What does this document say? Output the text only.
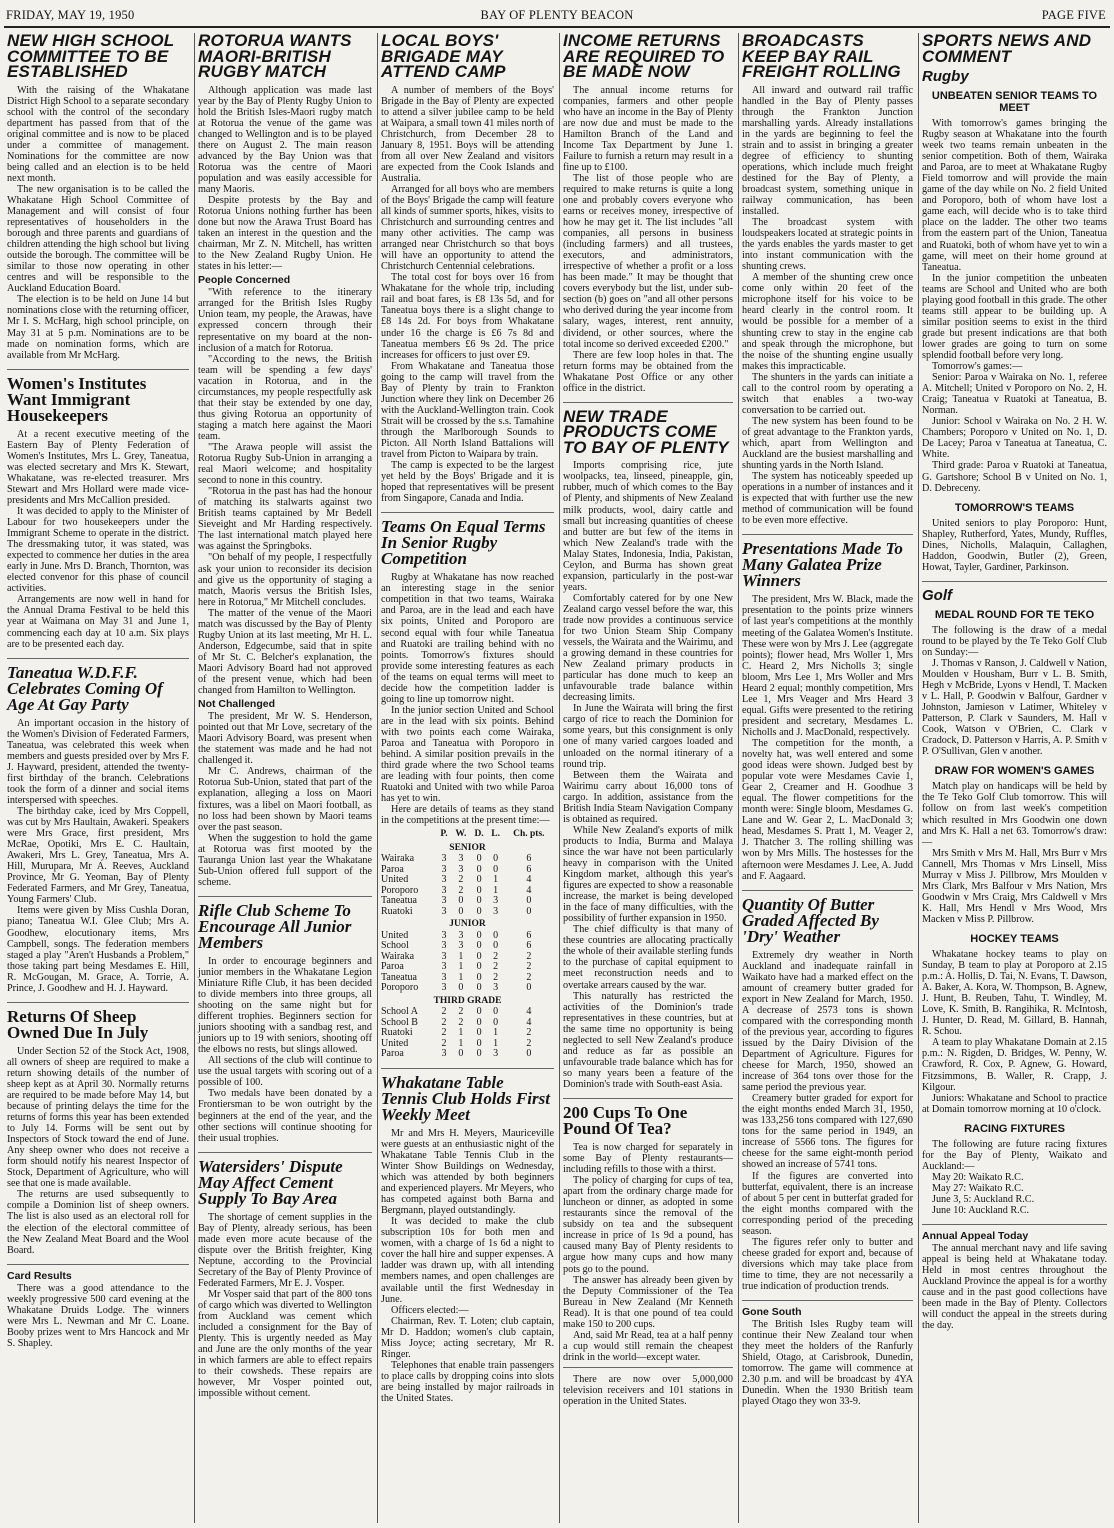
BAY OF PLENTY BEACON
FRIDAY, MAY 19, 1950	PAGE FIVE
NEW HIGH SCHOOL COMMITTEE TO BE ESTABLISHED

With the raising of the Whakatane District High School to a separate secondary school with the control of the secondary department has passed from that of the original committee and is now to be placed under a committee of management. Nominations for the committee are now being called and an election is to be held next month.

The new organisation is to be called the Whakatane High School Committee of Management and will consist of four representatives of householders in the borough and three parents and guardians of children attending the high school but living outside the borough. The committee will be similar to those now operating in other centres and will be responsible to the Auckland Education Board.

The election is to be held on June 14 but nominations close with the returning officer, Mr I. S. McHarg, high school principle, on May 31 at 5 p.m. Nominations are to be made on nomination forms, which are available from Mr McHarg.

Women's Institutes Want Immigrant Housekeepers

At a recent executive meeting of the Eastern Bay of Plenty Federation of Women's Institutes, Mrs L. Grey, Taneatua, was elected secretary and Mrs K. Stewart, Whakatane, was re-elected treasurer. Mrs Stewart and Mrs Hollard were made vice-presidents and Mrs McCallion presided.

It was decided to apply to the Minister of Labour for two housekeepers under the Immigrant Scheme to operate in the district. The dressmaking tutor, it was stated, was expected to commence her duties in the area early in June. Mrs D. Branch, Thornton, was elected convenor for this phase of council activities.

Arrangements are now well in hand for the Annual Drama Festival to be held this year at Waimana on May 31 and June 1, commencing each day at 10 a.m. Six plays are to be presented each day.

Taneatua W.D.F.F. Celebrates Coming Of Age At Gay Party

An important occasion in the history of the Women's Division of Federated Farmers, Taneatua, was celebrated this week when members and guests presided over by Mrs F. J. Hayward, president, attended the twenty-first birthday of the branch. Celebrations took the form of a dinner and social items interspersed with speeches.

The birthday cake, iced by Mrs Coppell, was cut by Mrs Haultain, Awakeri. Speakers were Mrs Grace, first president, Mrs McRae, Opotiki, Mrs E. C. Haultain, Awakeri, Mrs L. Grey, Taneatua, Mrs A. Hill, Murupara, Mr A. Reeves, Auckland Province, Mr G. Yeoman, Bay of Plenty Federated Farmers, and Mr Grey, Taneatua, Young Farmers' Club.

Items were given by Miss Cushla Doran, piano; Taneatua W.I. Glee Club; Mrs A. Goodhew, elocutionary items, Mrs Campbell, songs. The federation members staged a play "Aren't Husbands a Problem," those taking part being Mesdames E. Hill, R. McGougan, M. Grace, A. Torrie, A. Prince, J. Goodhew and H. J. Hayward.

Returns Of Sheep Owned Due In July

Under Section 52 of the Stock Act, 1908, all owners of sheep are required to make a return showing details of the number of sheep kept as at April 30. Normally returns are required to be made before May 14, but because of printing delays the time for the returns of forms this year has been extended to July 14. Forms will be sent out by Inspectors of Stock toward the end of June. Any sheep owner who does not receive a form should notify his nearest Inspector of Stock, Department of Agriculture, who will see that one is made available.

The returns are used subsequently to compile a Dominion list of sheep owners. The list is also used as an electoral roll for the election of the electoral committee of the New Zealand Meat Board and the Wool Board.

Card Results

There was a good attendance to the weekly progressive 500 card evening at the Whakatane Druids Lodge. The winners were Mrs L. Newman and Mr C. Loane. Booby prizes went to Mrs Hancock and Mr S. Shapley.

ROTORUA WANTS MAORI-BRITISH RUGBY MATCH

Although application was made last year by the Bay of Plenty Rugby Union to hold the British Isles-Maori rugby match at Rotorua the venue of the game was changed to Wellington and is to be played there on August 2. The main reason advanced by the Bay Union was that Rotorua was the centre of Maori population and was easily accessible for many Maoris.

Despite protests by the Bay and Rotorua Unions nothing further has been done but now the Arawa Trust Board has taken an interest in the question and the chairman, Mr Z. N. Mitchell, has written to the New Zealand Rugby Union. He states in his letter:—

People Concerned

"With reference to the itinerary arranged for the British Isles Rugby Union team, my people, the Arawas, have expressed concern through their representative on my board at the non-inclusion of a match for Rotorua.

"According to the news, the British team will be spending a few days' vacation in Rotorua, and in the circumstances, my people respectfully ask that their stay be extended by one day, thus giving Rotorua an opportunity of staging a match here against the Maori team.

"The Arawa people will assist the Rotorua Rugby Sub-Union in arranging a real Maori welcome; and hospitality second to none in this country.

"Rotorua in the past has had the honour of matching its stalwarts against two British teams captained by Mr Bedell Sieveight and Mr Harding respectively. The last international match played here was against the Springboks.

"On behalf of my people, I respectfully ask your union to reconsider its decision and give us the opportunity of staging a match, Maoris versus the British Isles, here in Rotorua," Mr Mitchell concludes.

The matter of the venue of the Maori match was discussed by the Bay of Plenty Rugby Union at its last meeting, Mr H. L. Anderson, Edgecumbe, said that in spite of Mr St. C. Belcher's explanation, the Maori Advisory Board had not approved of the present venue, which had been changed from Hamilton to Wellington.

Not Challenged

The president, Mr W. S. Henderson, pointed out that Mr Love, secretary of the Maori Advisory Board, was present when the statement was made and he had not challenged it.

Mr C. Andrews, chairman of the Rotorua Sub-Union, stated that part of the explanation, alleging a loss on Maori fixtures, was a libel on Maori football, as no loss had been shown by Maori teams over the past season.

When the suggestion to hold the game at Rotorua was first mooted by the Tauranga Union last year the Whakatane Sub-Union offered full support of the scheme.

Rifle Club Scheme To Encourage All Junior Members

In order to encourage beginners and junior members in the Whakatane Legion Miniature Rifle Club, it has been decided to divide members into three groups, all shooting on the same night but for different trophies. Beginners section for juniors shooting with a sandbag rest, and juniors up to 19 with seniors, shooting off the elbows no rests, but slings allowed.

All sections of the club will continue to use the usual targets with scoring out of a possible of 100.

Two medals have been donated by a Frontiersman to be won outright by the beginners at the end of the year, and the other sections will continue shooting for their usual trophies.

Watersiders' Dispute May Affect Cement Supply To Bay Area

The shortage of cement supplies in the Bay of Plenty, already serious, has been made even more acute because of the dispute over the British freighter, King Neptune, according to the Provincial Secretary of the Bay of Plenty Province of Federated Farmers, Mr E. J. Vosper.

Mr Vosper said that part of the 800 tons of cargo which was diverted to Wellington from Auckland was cement which included a consignment for the Bay of Plenty. This is urgently needed as May and June are the only months of the year in which farmers are able to effect repairs to their cowsheds. These repairs are however, Mr Vosper pointed out, impossible without cement.

LOCAL BOYS' BRIGADE MAY ATTEND CAMP

A number of members of the Boys' Brigade in the Bay of Plenty are expected to attend a silver jubilee camp to be held at Waipara, a small town 41 miles north of Christchurch, from December 28 to January 8, 1951. Boys will be attending from all over New Zealand and visitors are expected from the Cook Islands and Australia.

Arranged for all boys who are members of the Boys' Brigade the camp will feature all kinds of summer sports, hikes, visits to Christchurch and surrounding centres and many other activities. The camp was arranged near Christchurch so that boys will have an opportunity to attend the Christchurch Centennial celebrations.

The total cost for boys over 16 from Whakatane for the whole trip, including rail and boat fares, is £8 13s 5d, and for Taneatua boys there is a slight change to £8 14s 2d. For boys from Whakatane under 16 the charge is £6 7s 8d and Taneatua members £6 9s 2d. The price increases for officers to just over £9.

From Whakatane and Taneatua those going to the camp will travel from the Bay of Plenty by train to Frankton Junction where they link on December 26 with the Auckland-Wellington train. Cook Strait will be crossed by the s.s. Tamahine through the Marlborough Sounds to Picton. All North Island Battalions will travel from Picton to Waipara by train.

The camp is expected to be the largest yet held by the Boys' Brigade and it is hoped that representatives will be present from Singapore, Canada and India.

Teams On Equal Terms In Senior Rugby Competition

Rugby at Whakatane has now reached an interesting stage in the senior competition in that two teams, Wairaka and Paroa, are in the lead and each have six points, United and Poroporo are second equal with four while Taneatua and Ruatoki are trailing behind with no points. Tomorrow's fixtures should provide some interesting features as each of the teams on equal terms will meet to decide how the competition ladder is going to line up tomorrow night.

In the junior section United and School are in the lead with six points. Behind with two points each come Wairaka, Paroa and Taneatua with Poroporo in behind. A similar position prevails in the third grade where the two School teams are leading with four points, then come Ruatoki and United with two while Paroa has yet to win.

Here are details of teams as they stand in the competitions at the present time:—

	P.	W.	D.	L.	Ch. pts.
SENIOR					
Wairaka	3	3	0	0	6
Paroa	3	3	0	0	6
United	3	2	0	1	4
Poroporo	3	2	0	1	4
Taneatua	3	0	0	3	0
Ruatoki	3	0	0	3	0
JUNIOR					
United	3	3	0	0	6
School	3	3	0	0	6
Wairaka	3	1	0	2	2
Paroa	3	1	0	2	2
Taneatua	3	1	0	2	2
Poroporo	3	0	0	3	0
THIRD GRADE					
School A	2	2	0	0	4
School B	2	2	0	0	4
Ruatoki	2	1	0	1	2
United	2	1	0	1	2
Paroa	3	0	0	3	0
Whakatane Table Tennis Club Holds First Weekly Meet

Mr and Mrs H. Meyers, Mauriceville were guests at an enthusiastic night of the Whakatane Table Tennis Club in the Winter Show Buildings on Wednesday, which was attended by both beginners and experienced players. Mr Meyers, who has competed against both Barna and Bergmann, played outstandingly.

It was decided to make the club subscription 10s for both men and women, with a charge of 1s 6d a night to cover the hall hire and supper expenses. A ladder was drawn up, with all intending members names, and open challenges are available until the first Wednesday in June.

Officers elected:—

Chairman, Rev. T. Loten; club captain, Mr D. Haddon; women's club captain, Miss Joyce; acting secretary, Mr R. Ringer.

Telephones that enable train passengers to place calls by dropping coins into slots are being installed by major railroads in the United States.

INCOME RETURNS ARE REQUIRED TO BE MADE NOW

The annual income returns for companies, farmers and other people who have an income in the Bay of Plenty are now due and must be made to the Hamilton Branch of the Land and Income Tax Department by June 1. Failure to furnish a return may result in a fine up to £100.

The list of those people who are required to make returns is quite a long one and probably covers everyone who earns or receives money, irrespective of how he may get it. The list includes "all companies, all persons in business (including farmers) and all trustees, executors, and administrators, irrespective of whether a profit or a loss has been made." It may be thought that covers everybody but the list, under sub-section (b) goes on "and all other persons who derived during the year income from salary, wages, interest, rent annuity, dividend, or other sources, where the total income so derived exceeded £200."

There are few loop holes in that. The return forms may be obtained from the Whakatane Post Office or any other office in the district.

NEW TRADE PRODUCTS COME TO BAY OF PLENTY

Imports comprising rice, jute woolpacks, tea, linseed, pineapple, gin, rubber, much of which comes to the Bay of Plenty, and shipments of New Zealand milk products, wool, dairy cattle and small but increasing quantities of cheese and butter are but few of the items in which New Zealand's trade with the Malay States, Indonesia, India, Pakistan, Ceylon, and Burma has shown great expansion, particularly in the post-war years.

Comfortably catered for by one New Zealand cargo vessel before the war, this trade now provides a continuous service for two Union Steam Ship Company vessels, the Wairata and the Wairimu, and a growing demand in these countries for New Zealand primary products in particular has done much to keep an unfavourable trade balance within decreasing limits.

In June the Wairata will bring the first cargo of rice to reach the Dominion for some years, but this consignment is only one of many varied cargoes loaded and unloaded on the normal itinerary of a round trip.

Between them the Wairata and Wairimu carry about 16,000 tons of cargo. In addition, assistance from the British India Steam Navigation Company is obtained as required.

While New Zealand's exports of milk products to India, Burma and Malaya since the war have not been particularly heavy in comparison with the United Kingdom market, although this year's figures are expected to show a reasonable increase, the market is being developed in the face of many difficulties, with the possibility of further expansion in 1950.

The chief difficulty is that many of these countries are allocating practically the whole of their available sterling funds to the purchase of capital equipment to meet reconstruction needs and to overtake arrears caused by the war.

This naturally has restricted the activities of the Dominion's trade representatives in these countries, but at the same time no opportunity is being neglected to sell New Zealand's produce and reduce as far as possible an unfavourable trade balance which has for so many years been a feature of the Dominion's trade with South-east Asia.

200 Cups To One Pound Of Tea?

Tea is now charged for separately in some Bay of Plenty restaurants—including refills to those with a thirst.

The policy of charging for cups of tea, apart from the ordinary charge made for luncheon or dinner, as adopted in some restaurants since the removal of the subsidy on tea and the subsequent increase in price of 1s 9d a pound, has caused many Bay of Plenty residents to argue how many cups and how many pots go to the pound.

The answer has already been given by the Deputy Commissioner of the Tea Bureau in New Zealand (Mr Kenneth Read). It is that one pound of tea could make 150 to 200 cups.

And, said Mr Read, tea at a half penny a cup would still remain the cheapest drink in the world—except water.

There are now over 5,000,000 television receivers and 101 stations in operation in the United States.

BROADCASTS KEEP BAY RAIL FREIGHT ROLLING

All inward and outward rail traffic handled in the Bay of Plenty passes through the Frankton Junction marshalling yards. Already installations in the yards are beginning to feel the strain and to assist in bringing a greater degree of efficiency to shunting operations, which include much freight destined for the Bay of Plenty, a broadcast system, something unique in railway communication, has been installed.

The broadcast system with loudspeakers located at strategic points in the yards enables the yards master to get into instant communication with the shunting crews.

A member of the shunting crew once come only within 20 feet of the microphone itself for his voice to be heard clearly in the control room. It would be possible for a member of a shunting crew to stay in the engine cab and speak through the microphone, but the noise of the shunting engine usually makes this impracticable.

The shunters in the yards can initiate a call to the control room by operating a switch that enables a two-way conversation to be carried out.

The new system has been found to be of great advantage to the Frankton yards, which, apart from Wellington and Auckland are the busiest marshalling and shunting yards in the North Island.

The system has noticeably speeded up operations in a number of instances and it is expected that with further use the new method of communication will be found to be even more effective.

Presentations Made To Many Galatea Prize Winners

The president, Mrs W. Black, made the presentation to the points prize winners of last year's competitions at the monthly meeting of the Galatea Women's Institute. These were won by Mrs J. Lee (aggregate points); flower head, Mrs Woller 1, Mrs C. Heard 2, Mrs Nicholls 3; single bloom, Mrs Lee 1, Mrs Woller and Mrs Heard 2 equal; monthly competition, Mrs Lee 1, Mrs Veager and Mrs Heard 3 equal. Gifts were presented to the retiring president and secretary, Mesdames L. Nicholls and J. MacDonald, respectively.

The competition for the month, a novelty hat, was well entered and some good ideas were shown. Judged best by popular vote were Mesdames Cavie 1, Gear 2, Creamer and H. Goodhue 3 equal. The flower competitions for the month were: Single bloom, Mesdames G. Lane and W. Gear 2, L. MacDonald 3; head, Mesdames S. Pratt 1, M. Veager 2, J. Thatcher 3. The rolling shilling was won by Mrs Mills. The hostesses for the afternoon were Mesdames J. Lee, A. Judd and F. Aagaard.

Quantity Of Butter Graded Affected By 'Dry' Weather

Extremely dry weather in North Auckland and inadequate rainfall in Waikato have had a marked effect on the amount of creamery butter graded for export in New Zealand for March, 1950. A decrease of 2573 tons is shown compared with the corresponding month of the previous year, according to figures issued by the Dairy Division of the Department of Agriculture. Figures for cheese for March, 1950, showed an increase of 364 tons over those for the same period the previous year.

Creamery butter graded for export for the eight months ended March 31, 1950, was 133,256 tons compared with 127,690 tons for the same period in 1949, an increase of 5566 tons. The figures for cheese for the same eight-month period showed an increase of 5741 tons.

If the figures are converted into butterfat, equivalent, there is an increase of about 5 per cent in butterfat graded for the eight months compared with the corresponding period of the preceding season.

The figures refer only to butter and cheese graded for export and, because of diversions which may take place from time to time, they are not necessarily a true indication of production trends.

Gone South

The British Isles Rugby team will continue their New Zealand tour when they meet the holders of the Ranfurly Shield, Otago, at Carisbrook, Dunedin, tomorrow. The game will commence at 2.30 p.m. and will be broadcast by 4YA Dunedin. When the 1930 British team played Otago they won 33-9.

SPORTS NEWS AND COMMENT
Rugby
UNBEATEN SENIOR TEAMS TO MEET

With tomorrow's games bringing the Rugby season at Whakatane into the fourth week two teams remain unbeaten in the senior competition. Both of them, Wairaka and Paroa, are to meet at Whakatane Rugby Field tomorrow and will provide the main game of the day while on No. 2 field United and Poroporo, both of whom have lost a game each, will decide who is to take third place on the ladder. The other two teams from the eastern part of the Union, Taneatua and Ruatoki, both of whom have yet to win a game, will meet on their home ground at Taneatua.

In the junior competition the unbeaten teams are School and United who are both playing good football in this grade. The other teams still appear to be building up. A similar position seems to exist in the third grade but present indications are that both lower grades are going to turn on some splendid football before very long.

Tomorrow's games:—

Senior: Paroa v Wairaka on No. 1, referee A. Mitchell; United v Poroporo on No. 2, H. Craig; Taneatua v Ruatoki at Taneatua, B. Norman.

Junior: School v Wairaka on No. 2 H. W. Chambers; Poroporo v United on No. 1, D. De Lacey; Paroa v Taneatua at Taneatua, C. White.

Third grade: Paroa v Ruatoki at Taneatua, G. Gartshore; School B v United on No. 1, D. Debreceny.

TOMORROW'S TEAMS

United seniors to play Poroporo: Hunt, Shapley, Rutherford, Yates, Mundy, Ruffles, Dines, Nicholls, Malaquin, Callaghen, Haddon, Goodwin, Butler (2), Green, Howat, Tayler, Gardiner, Parkinson.

Golf
MEDAL ROUND FOR TE TEKO

The following is the draw of a medal round to be played by the Te Teko Golf Club on Sunday:—

J. Thomas v Ranson, J. Caldwell v Nation, Moulden v Housham, Burr v L. B. Smith, Hegh v McBride, Lyons v Hendl, T. Macken v L. Hall, P. Goodwin v Balfour, Gardner v Johnston, Jamieson v Latimer, Whiteley v Patterson, P. Clark v Saunders, M. Hall v Cook, Watson v O'Brien, C. Clark v Cradock, D. Patterson v Harris, A. P. Smith v P. O'Sullivan, Glen v another.

DRAW FOR WOMEN'S GAMES

Match play on handicaps will be held by the Te Teko Golf Club tomorrow. This will follow on from last week's competition which resulted in Mrs Goodwin one down and Mrs K. Hall a net 63. Tomorrow's draw:—

Mrs Smith v Mrs M. Hall, Mrs Burr v Mrs Cannell, Mrs Thomas v Mrs Linsell, Miss Murray v Miss J. Pillbrow, Mrs Moulden v Mrs Clark, Mrs Balfour v Mrs Nation, Mrs Goodwin v Mrs Craig, Mrs Caldwell v Mrs K. Hall, Mrs Hendl v Mrs Wood, Mrs Macken v Miss P. Pillbrow.

HOCKEY TEAMS

Whakatane hockey teams to play on Sunday, B team to play at Poroporo at 2.15 p.m.: A. Hollis, D. Tai, N. Evans, T. Dawson, A. Baker, A. Kora, W. Thompson, B. Agnew, J. Hunt, B. Reuben, Tahu, T. Windley, M. Love, K. Smith, B. Rangihika, R. McIntosh, J. Hunter, D. Read, M. Gillard, B. Hannah, R. Schou.

A team to play Whakatane Domain at 2.15 p.m.: N. Rigden, D. Bridges, W. Penny, W. Crawford, R. Cox, P. Agnew, G. Howard, Fitzsimmons, B. Waller, R. Crapp, J. Kilgour.

Juniors: Whakatane and School to practice at Domain tomorrow morning at 10 o'clock.

RACING FIXTURES

The following are future racing fixtures for the Bay of Plenty, Waikato and Auckland:—

May 20: Waikato R.C.

May 27: Waikato R.C.

June 3, 5: Auckland R.C.

June 10: Auckland R.C.

Annual Appeal Today

The annual merchant navy and life saving appeal is being held at Whakatane today. Held in most centres throughout the Auckland Province the appeal is for a worthy cause and in the past good collections have been made in the Bay of Plenty. Collectors will conduct the appeal in the streets during the day.
